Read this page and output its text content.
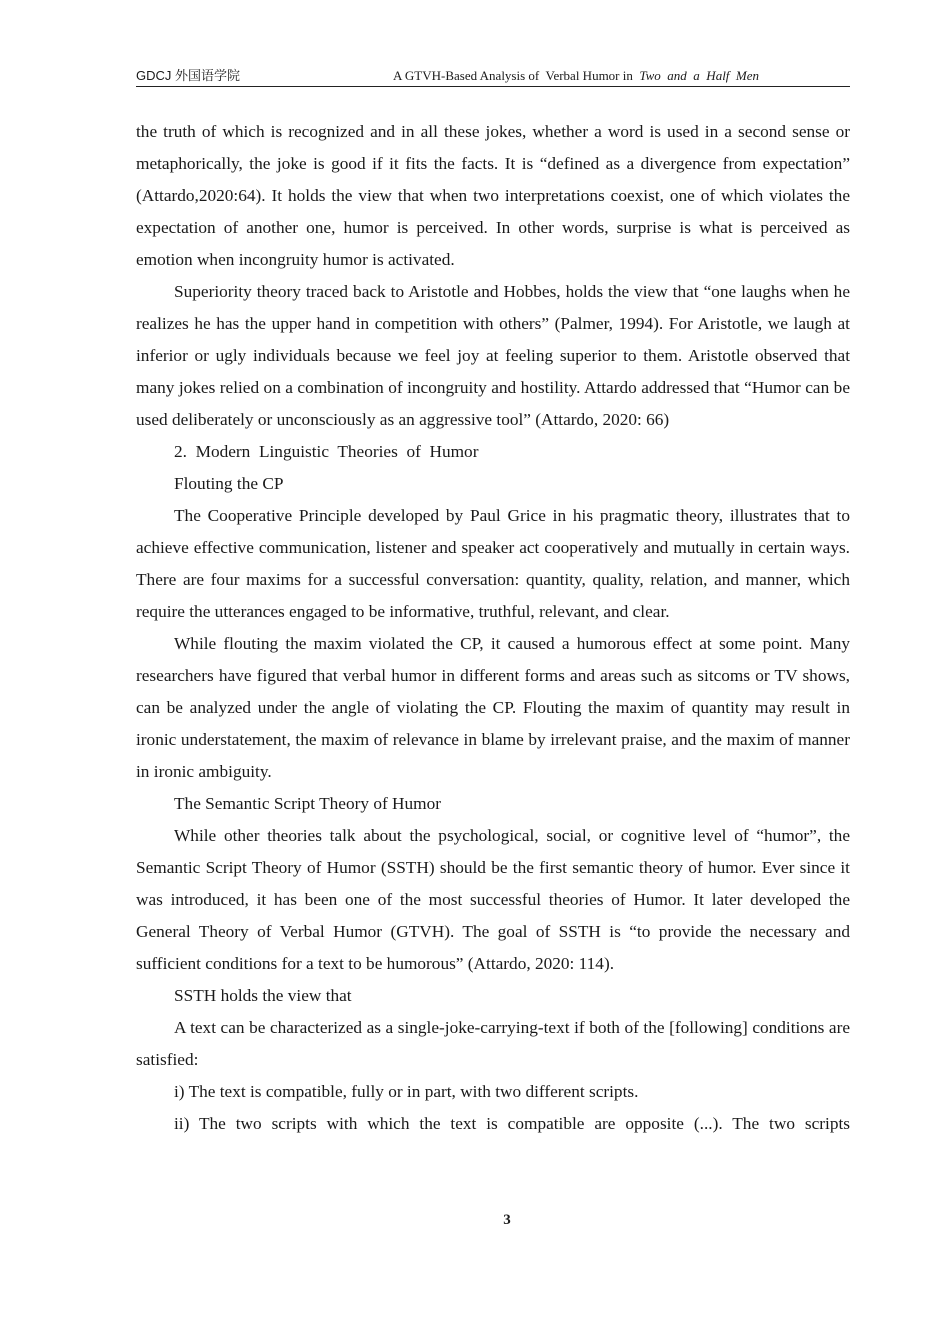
GDCJ 外国语学院	A GTVH-Based Analysis of  Verbal Humor in  Two  and  a  Half  Men

the truth of which is recognized and in all these jokes, whether a word is used in a second sense or metaphorically, the joke is good if it fits the facts. It is “defined as a divergence from expectation” (Attardo,2020:64). It holds the view that when two interpretations coexist, one of which violates the expectation of another one, humor is perceived. In other words, surprise is what is perceived as emotion when incongruity humor is activated.

Superiority theory traced back to Aristotle and Hobbes, holds the view that “one laughs when he realizes he has the upper hand in competition with others” (Palmer, 1994). For Aristotle, we laugh at inferior or ugly individuals because we feel joy at feeling superior to them. Aristotle observed that many jokes relied on a combination of incongruity and hostility. Attardo addressed that “Humor can be used deliberately or unconsciously as an aggressive tool” (Attardo, 2020: 66)

2.  Modern  Linguistic  Theories  of  Humor

Flouting the CP

The Cooperative Principle developed by Paul Grice in his pragmatic theory, illustrates that to achieve effective communication, listener and speaker act cooperatively and mutually in certain ways. There are four maxims for a successful conversation: quantity, quality, relation, and manner, which require the utterances engaged to be informative, truthful, relevant, and clear.

While flouting the maxim violated the CP, it caused a humorous effect at some point. Many researchers have figured that verbal humor in different forms and areas such as sitcoms or TV shows, can be analyzed under the angle of violating the CP. Flouting the maxim of quantity may result in ironic understatement, the maxim of relevance in blame by irrelevant praise, and the maxim of manner in ironic ambiguity.

The Semantic Script Theory of Humor

While other theories talk about the psychological, social, or cognitive level of “humor”, the Semantic Script Theory of Humor (SSTH) should be the first semantic theory of humor. Ever since it was introduced, it has been one of the most successful theories of Humor. It later developed the General Theory of Verbal Humor (GTVH). The goal of SSTH is “to provide the necessary and sufficient conditions for a text to be humorous” (Attardo, 2020: 114).

SSTH holds the view that

A text can be characterized as a single-joke-carrying-text if both of the [following] conditions are satisfied:

i) The text is compatible, fully or in part, with two different scripts.

ii) The two scripts with which the text is compatible are opposite (...). The two scripts

3
